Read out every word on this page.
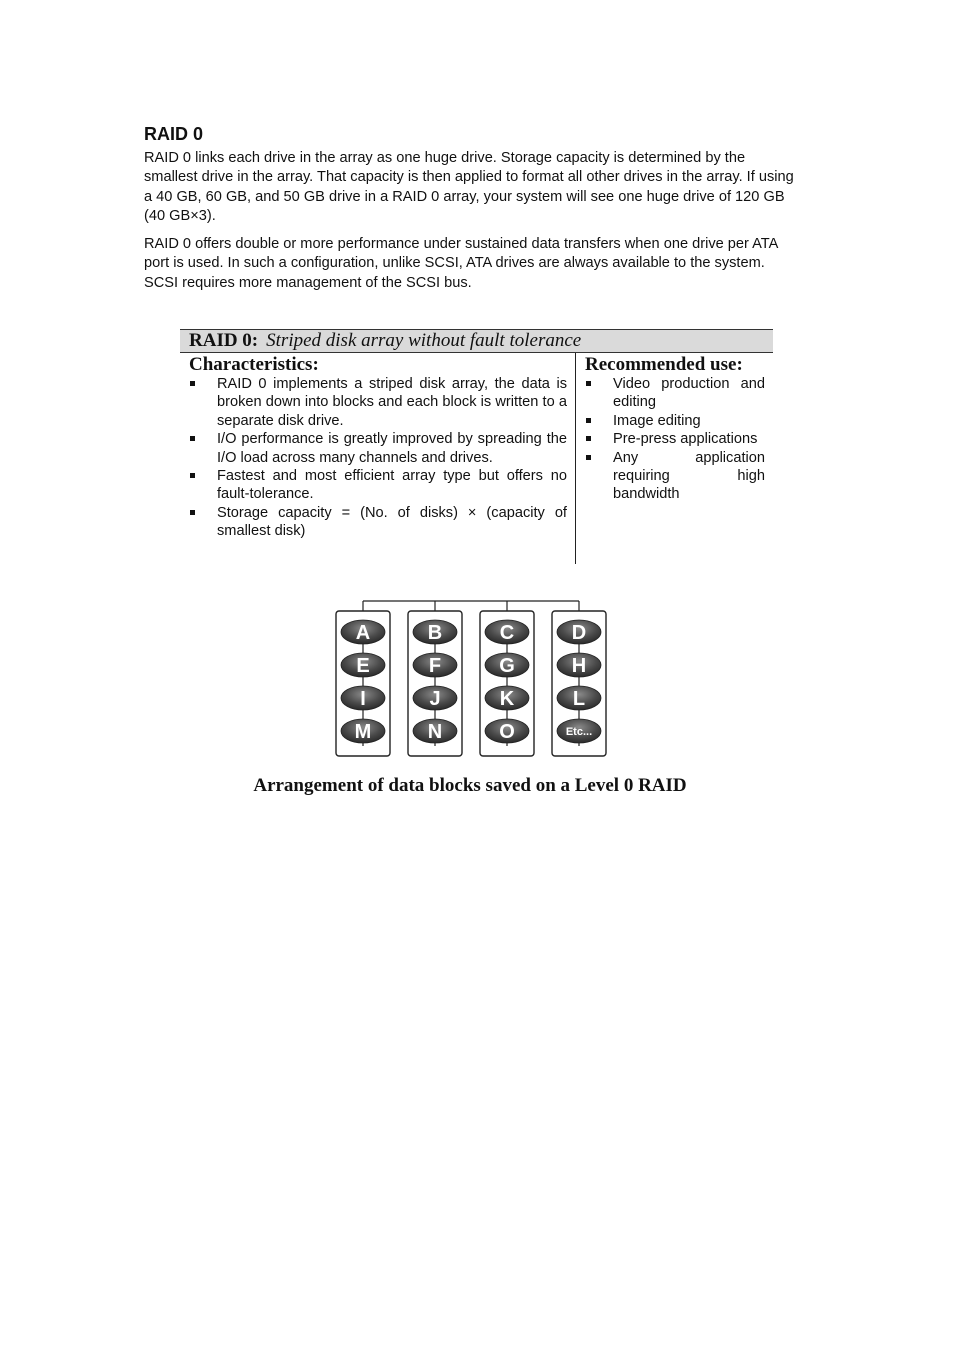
RAID 0

RAID 0 links each drive in the array as one huge drive. Storage capacity is determined by the smallest drive in the array. That capacity is then applied to format all other drives in the array. If using a 40 GB, 60 GB, and 50 GB drive in a RAID 0 array, your system will see one huge drive of 120 GB (40 GB×3).

RAID 0 offers double or more performance under sustained data transfers when one drive per ATA port is used. In such a configuration, unlike SCSI, ATA drives are always available to the system. SCSI requires more management of the SCSI bus.

RAID 0: Striped disk array without fault tolerance
Characteristics:
RAID 0 implements a striped disk array, the data is broken down into blocks and each block is written to a separate disk drive.
I/O performance is greatly improved by spreading the I/O load across many channels and drives.
Fastest and most efficient array type but offers no fault-tolerance.
Storage capacity = (No. of disks) × (capacity of smallest disk)
Recommended use:
Video production and editing
Image editing
Pre-press applications
Any application requiring high bandwidth
A
E
I
M
B
F
J
N
C
G
K
O
D
H
L
Etc...
Arrangement of data blocks saved on a Level 0 RAID
